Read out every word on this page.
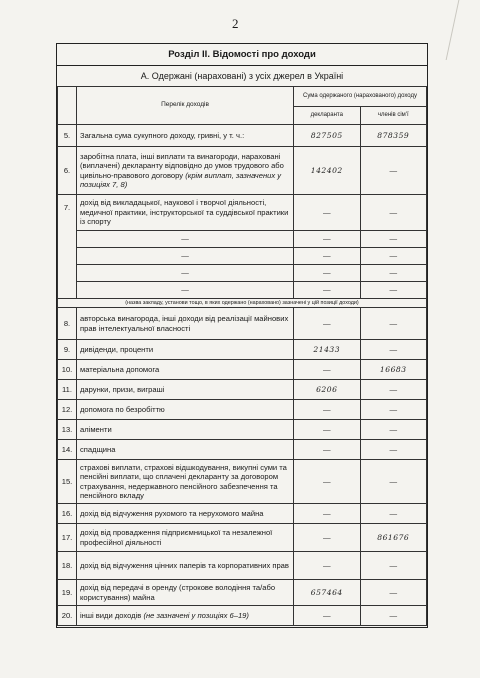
2
Розділ ІІ. Відомості про доходи
А. Одержані (нараховані) з усіх джерел в Україні
	Перелік доходів	Сума одержаного (нарахованого) доходу	
		декларанта	членів сім'ї
5.	Загальна сума сукупного доходу, гривні, у т. ч.:	827505	878359
6.	заробітна плата, інші виплати та винагороди, нараховані (виплачені) декларанту відповідно до умов трудового або цивільно-правового договору (крім виплат, зазначених у позиціях 7, 8)	142402	—
7.	дохід від викладацької, наукової і творчої діяльності, медичної практики, інструкторської та суддівської практики із спорту	—	—
	—	—	—
	—	—	—
	—	—	—
	—	—	—
(назва закладу, установи тощо, в яких одержано (нараховано) зазначені у цій позиції доходи)			
8.	авторська винагорода, інші доходи від реалізації майнових прав інтелектуальної власності	—	—
9.	дивіденди, проценти	21433	—
10.	матеріальна допомога	—	16683
11.	дарунки, призи, виграші	6206	—
12.	допомога по безробіттю	—	—
13.	аліменти	—	—
14.	спадщина	—	—
15.	страхові виплати, страхові відшкодування, викупні суми та пенсійні виплати, що сплачені декларанту за договором страхування, недержавного пенсійного забезпечення та пенсійного вкладу	—	—
16.	дохід від відчуження рухомого та нерухомого майна	—	—
17.	дохід від провадження підприємницької та незалежної професійної діяльності	—	861676
18.	дохід від відчуження цінних паперів та корпоративних прав	—	—
19.	дохід від передачі в оренду (строкове володіння та/або користування) майна	657464	—
20.	інші види доходів (не зазначені у позиціях 6–19)	—	—
